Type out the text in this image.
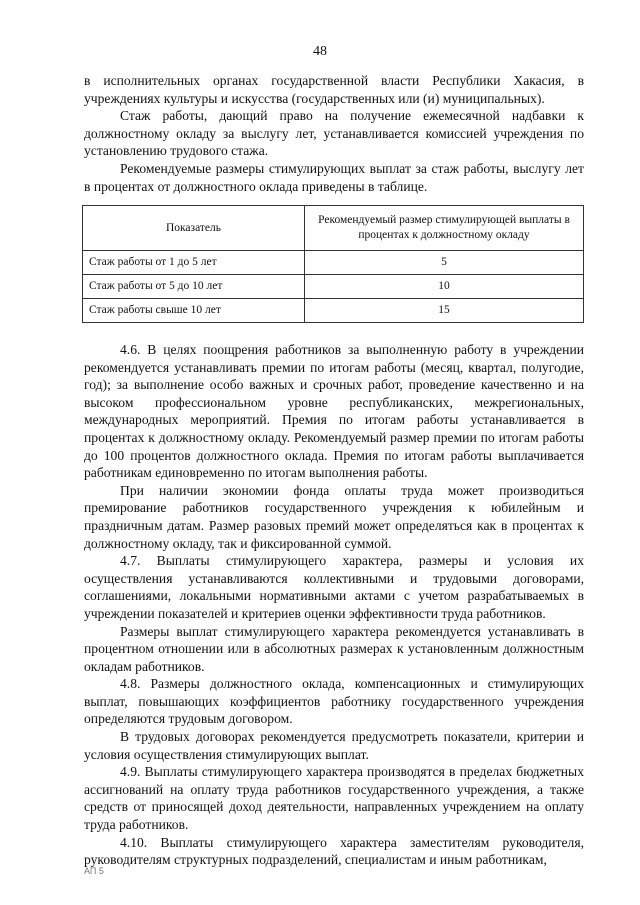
48

в исполнительных органах государственной власти Республики Хакасия, в учреждениях культуры и искусства (государственных или (и) муниципальных).

Стаж работы, дающий право на получение ежемесячной надбавки к должностному окладу за выслугу лет, устанавливается комиссией учреждения по установлению трудового стажа.

Рекомендуемые размеры стимулирующих выплат за стаж работы, выслугу лет в процентах от должностного оклада приведены в таблице.

Показатель	Рекомендуемый размер стимулирующей выплаты в процентах к должностному окладу
Стаж работы от 1 до 5 лет	5
Стаж работы от 5 до 10 лет	10
Стаж работы свыше 10 лет	15

4.6. В целях поощрения работников за выполненную работу в учреждении рекомендуется устанавливать премии по итогам работы (месяц, квартал, полугодие, год); за выполнение особо важных и срочных работ, проведение качественно и на высоком профессиональном уровне республиканских, межрегиональных, международных мероприятий. Премия по итогам работы устанавливается в процентах к должностному окладу. Рекомендуемый размер премии по итогам работы до 100 процентов должностного оклада. Премия по итогам работы выплачивается работникам единовременно по итогам выполнения работы.

При наличии экономии фонда оплаты труда может производиться премирование работников государственного учреждения к юбилейным и праздничным датам. Размер разовых премий может определяться как в процентах к должностному окладу, так и фиксированной суммой.

4.7. Выплаты стимулирующего характера, размеры и условия их осуществления устанавливаются коллективными и трудовыми договорами, соглашениями, локальными нормативными актами с учетом разрабатываемых в учреждении показателей и критериев оценки эффективности труда работников.

Размеры выплат стимулирующего характера рекомендуется устанавливать в процентном отношении или в абсолютных размерах к установленным должностным окладам работников.

4.8. Размеры должностного оклада, компенсационных и стимулирующих выплат, повышающих коэффициентов работнику государственного учреждения определяются трудовым договором.

В трудовых договорах рекомендуется предусмотреть показатели, критерии и условия осуществления стимулирующих выплат.

4.9. Выплаты стимулирующего характера производятся в пределах бюджетных ассигнований на оплату труда работников государственного учреждения, а также средств от приносящей доход деятельности, направленных учреждением на оплату труда работников.

4.10. Выплаты стимулирующего характера заместителям руководителя, руководителям структурных подразделений, специалистам и иным работникам,

АП 5
